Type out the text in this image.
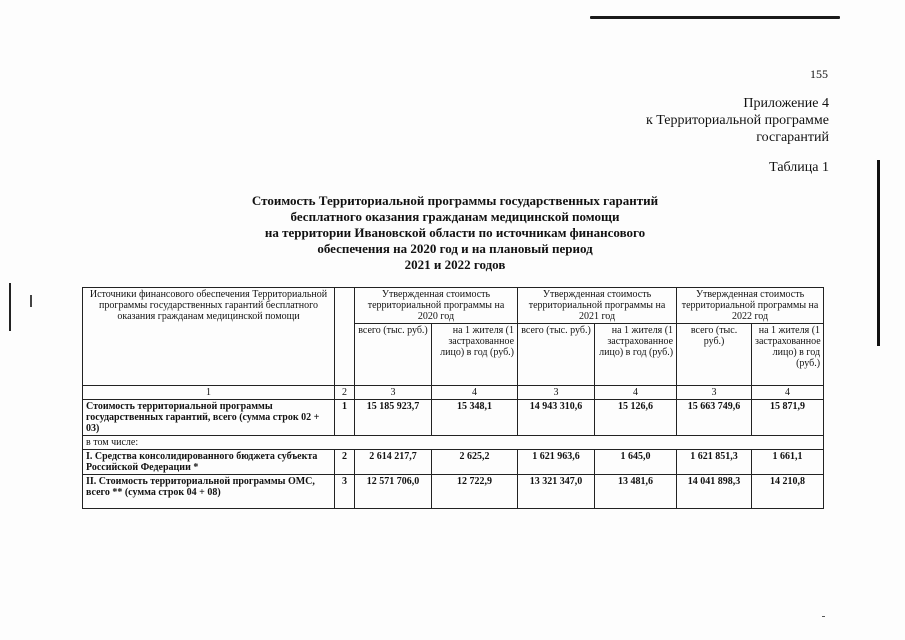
155
Приложение 4
к Территориальной программе
госгарантий
Таблица 1
Стоимость Территориальной программы государственных гарантий
бесплатного оказания гражданам медицинской помощи
на территории Ивановской области по источникам финансового
обеспечения на 2020 год и на плановый период
2021 и 2022 годов
Источники финансового обеспечения Территориальной программы государственных гарантий бесплатного оказания гражданам медицинской помощи		Утвержденная стоимость территориальной программы на 2020 год		Утвержденная стоимость территориальной программы на 2021 год		Утвержденная стоимость территориальной программы на 2022 год	
		всего (тыс. руб.)	на 1 жителя (1 застрахованное лицо) в год (руб.)	всего (тыс. руб.)	на 1 жителя (1 застрахованное лицо) в год (руб.)	всего (тыс. руб.)	на 1 жителя (1 застрахованное лицо) в год (руб.)
1	2	3	4	3	4	3	4
Стоимость территориальной программы государственных гарантий, всего (сумма строк 02 + 03)	1	15 185 923,7	15 348,1	14 943 310,6	15 126,6	15 663 749,6	15 871,9
в том числе:							
I. Средства консолидированного бюджета субъекта Российской Федерации *	2	2 614 217,7	2 625,2	1 621 963,6	1 645,0	1 621 851,3	1 661,1
II. Стоимость территориальной программы ОМС, всего ** (сумма строк 04 + 08)	3	12 571 706,0	12 722,9	13 321 347,0	13 481,6	14 041 898,3	14 210,8
